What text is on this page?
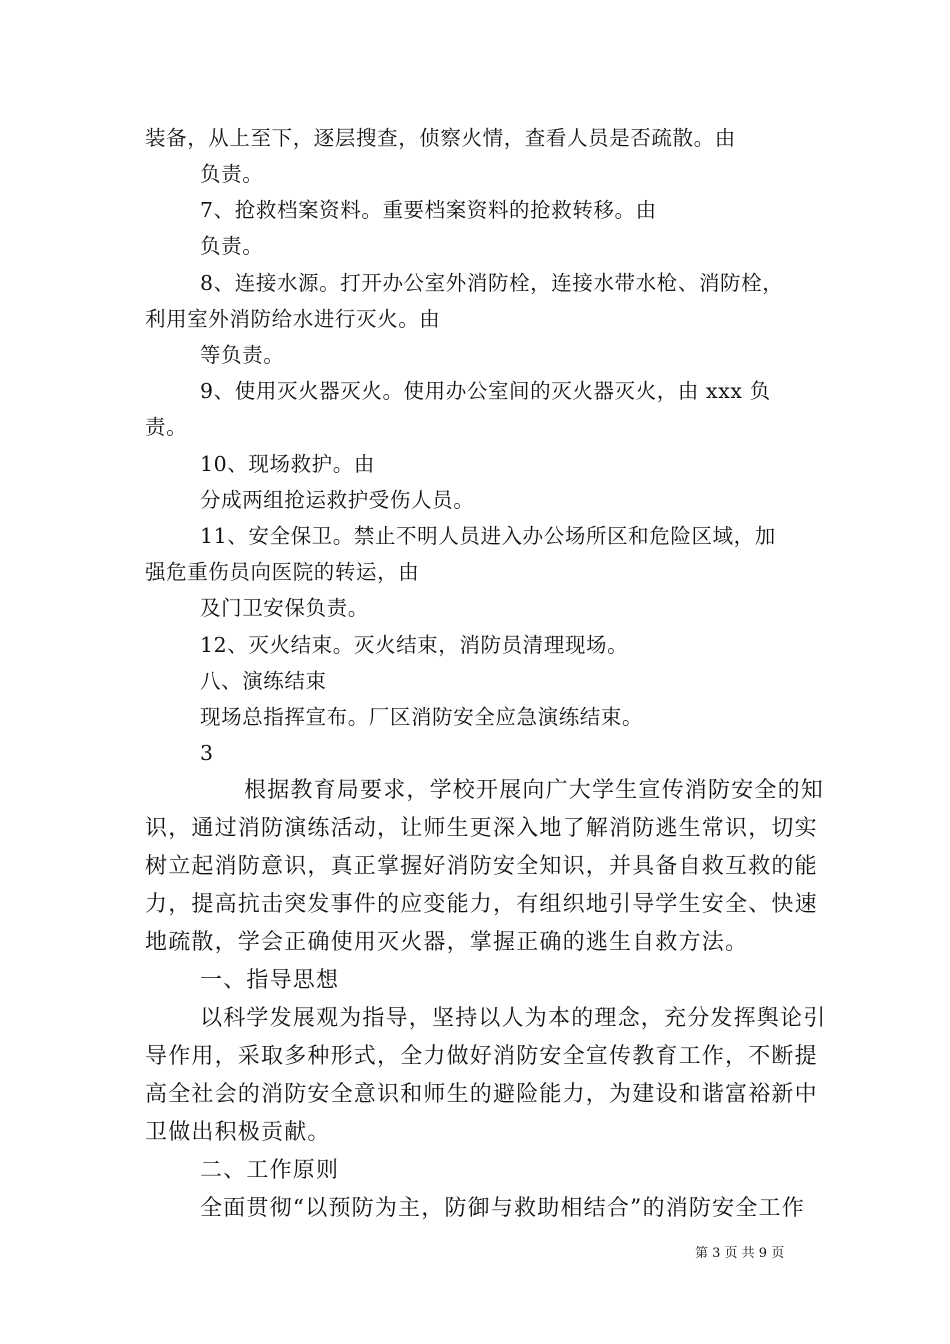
装备，从上至下，逐层搜查，侦察火情，查看人员是否疏散。由
负责。
7、抢救档案资料。重要档案资料的抢救转移。由
负责。
8、连接水源。打开办公室外消防栓，连接水带水枪、消防栓，
利用室外消防给水进行灭火。由
等负责。
9、使用灭火器灭火。使用办公室间的灭火器灭火，由 xxx 负
责。
10、现场救护。由
分成两组抢运救护受伤人员。
11、安全保卫。禁止不明人员进入办公场所区和危险区域，加
强危重伤员向医院的转运，由
及门卫安保负责。
12、灭火结束。灭火结束，消防员清理现场。
八、演练结束
现场总指挥宣布。厂区消防安全应急演练结束。
3
根据教育局要求，学校开展向广大学生宣传消防安全的知
识，通过消防演练活动，让师生更深入地了解消防逃生常识，切实
树立起消防意识，真正掌握好消防安全知识，并具备自救互救的能
力，提高抗击突发事件的应变能力，有组织地引导学生安全、快速
地疏散，学会正确使用灭火器，掌握正确的逃生自救方法。
一、指导思想
以科学发展观为指导，坚持以人为本的理念，充分发挥舆论引
导作用，采取多种形式，全力做好消防安全宣传教育工作，不断提
高全社会的消防安全意识和师生的避险能力，为建设和谐富裕新中
卫做出积极贡献。
二、工作原则
全面贯彻“以预防为主，防御与救助相结合”的消防安全工作
第 3 页 共 9 页
